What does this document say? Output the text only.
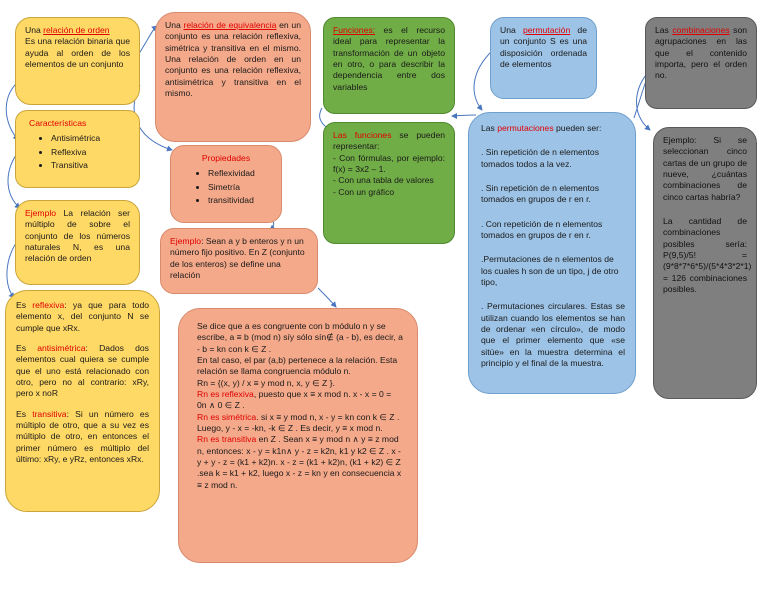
Una relación de orden
Es una relación binaria que ayuda al orden de los elementos de un conjunto

Características

• Antisimétrica
• Reflexiva
• Transitiva

Ejemplo La relación ser múltiplo de sobre el conjunto de los números naturales N, es una relación de orden

Es reflexiva: ya que para todo elemento x, del conjunto N se cumple que xRx.

Es antisimétrica: Dados dos elementos cual quiera se cumple que el uno está relacionado con otro, pero no al contrario: xRy, pero x noR

Es transitiva: Si un número es múltiplo de otro, que a su vez es múltiplo de otro, en entonces el primer número es múltiplo del último: xRy, e yRz, entonces xRx.

Una relación de equivalencia en un conjunto es una relación reflexiva, simétrica y transitiva en el mismo. Una relación de orden en un conjunto es una relación reflexiva, antisimétrica y transitiva en el mismo.

Propiedades

• Reflexividad
• Simetría
• transitividad

Ejemplo: Sean a y b enteros y n un número fijo positivo. En Z (conjunto de los enteros) se define una relación

Se dice que a es congruente con b módulo n y se escribe, a ≡ b (mod n) síy sólo sín∉ (a - b), es decir, a - b = kn con k ∈ Z .

En tal caso, el par (a,b) pertenece a la relación. Esta relación se llama congruencia módulo n.

Rn = {(x, y) / x ≡ y mod n, x, y ∈ Z }.

Rn es reflexiva, puesto que x ≡ x mod n. x - x = 0 = 0n ∧ 0 ∈ Z .

Rn es simétrica. si x ≡ y mod n, x - y = kn con k ∈ Z . Luego, y - x = -kn, -k ∈ Z . Es decir, y ≡ x mod n.

Rn es transitiva en Z . Sean x ≡ y mod n ∧ y ≡ z mod n, entonces: x - y = k1n∧ y - z = k2n, k1 y k2 ∈ Z . x - y + y - z = (k1 + k2)n. x - z = (k1 + k2)n, (k1 + k2) ∈ Z .sea k = k1 + k2, luego x - z = kn y en consecuencia x ≡ z mod n.

Funciones: es el recurso ideal para representar la transformación de un objeto en otro, o para describir la dependencia entre dos variables

Las funciones se pueden representar:

- Con fórmulas, por ejemplo: f(x) = 3x2 – 1.

- Con una tabla de valores

- Con un gráfico

Una permutación de un conjunto S es una disposición ordenada de elementos

Las permutaciones pueden ser:

. Sin repetición de n elementos tomados todos a la vez.

. Sin repetición de n elementos tomados en grupos de r en r.

. Con repetición de n elementos tomados en grupos de r en r.

.Permutaciones de n elementos de los cuales h son de un tipo, j de otro tipo,

. Permutaciones circulares. Estas se utilizan cuando los elementos se han de ordenar «en círculo», de modo que el primer elemento que «se sitúe» en la muestra determina el principio y el final de la muestra.

Las combinaciones son agrupaciones en las que el contenido importa, pero el orden no.

Ejemplo: Si se seleccionan cinco cartas de un grupo de nueve, ¿cuántas combinaciones de cinco cartas habría?

La cantidad de combinaciones posibles sería: P(9,5)/5! = (9*8*7*6*5)/(5*4*3*2*1) = 126 combinaciones posibles.
